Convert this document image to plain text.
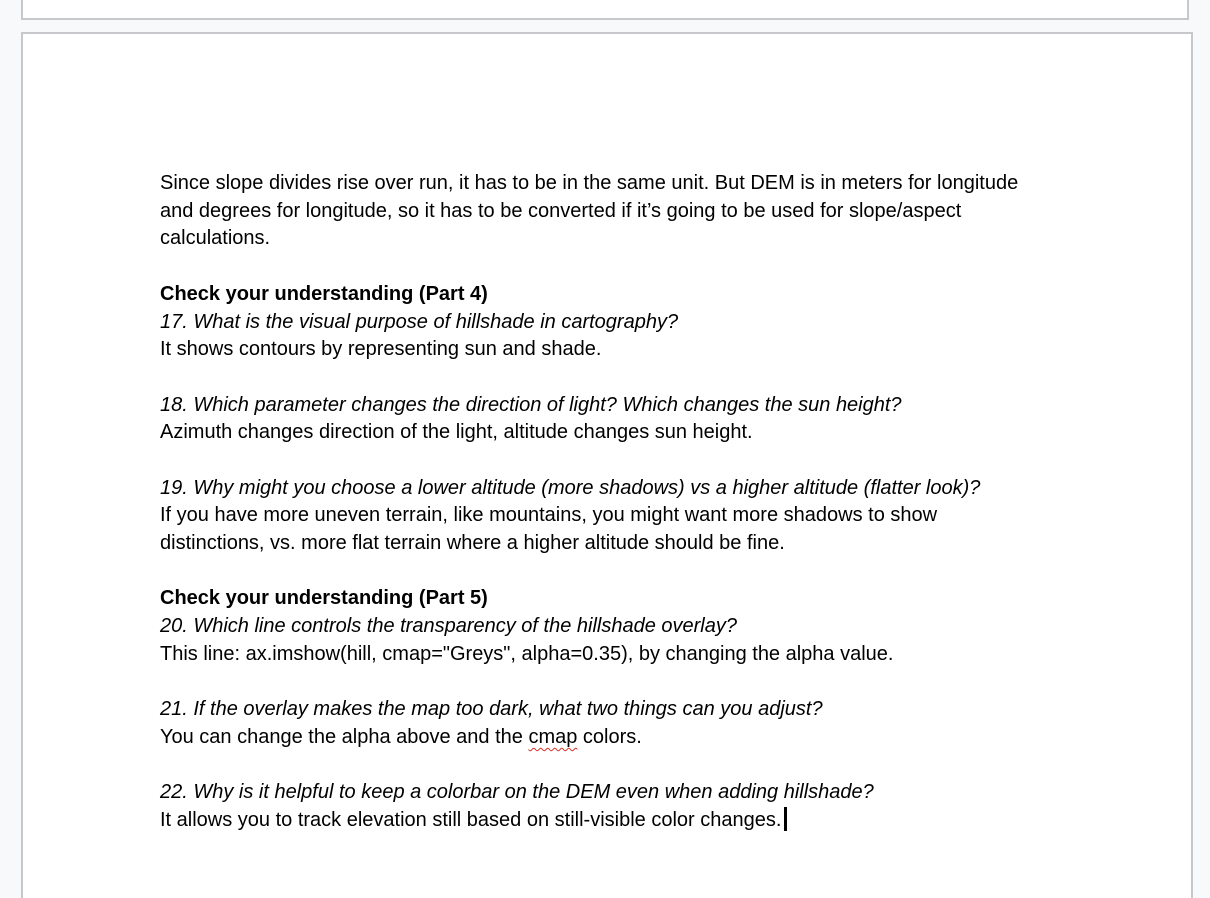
Since slope divides rise over run, it has to be in the same unit. But DEM is in meters for longitude and degrees for longitude, so it has to be converted if it’s going to be used for slope/aspect calculations.

Check your understanding (Part 4)

17. What is the visual purpose of hillshade in cartography?

It shows contours by representing sun and shade.

18. Which parameter changes the direction of light? Which changes the sun height?

Azimuth changes direction of the light, altitude changes sun height.

19. Why might you choose a lower altitude (more shadows) vs a higher altitude (flatter look)?

If you have more uneven terrain, like mountains, you might want more shadows to show distinctions, vs. more flat terrain where a higher altitude should be fine.

Check your understanding (Part 5)

20. Which line controls the transparency of the hillshade overlay?

This line: ax.imshow(hill, cmap="Greys", alpha=0.35), by changing the alpha value.

21. If the overlay makes the map too dark, what two things can you adjust?

You can change the alpha above and the cmap colors.

22. Why is it helpful to keep a colorbar on the DEM even when adding hillshade?

It allows you to track elevation still based on still-visible color changes.
